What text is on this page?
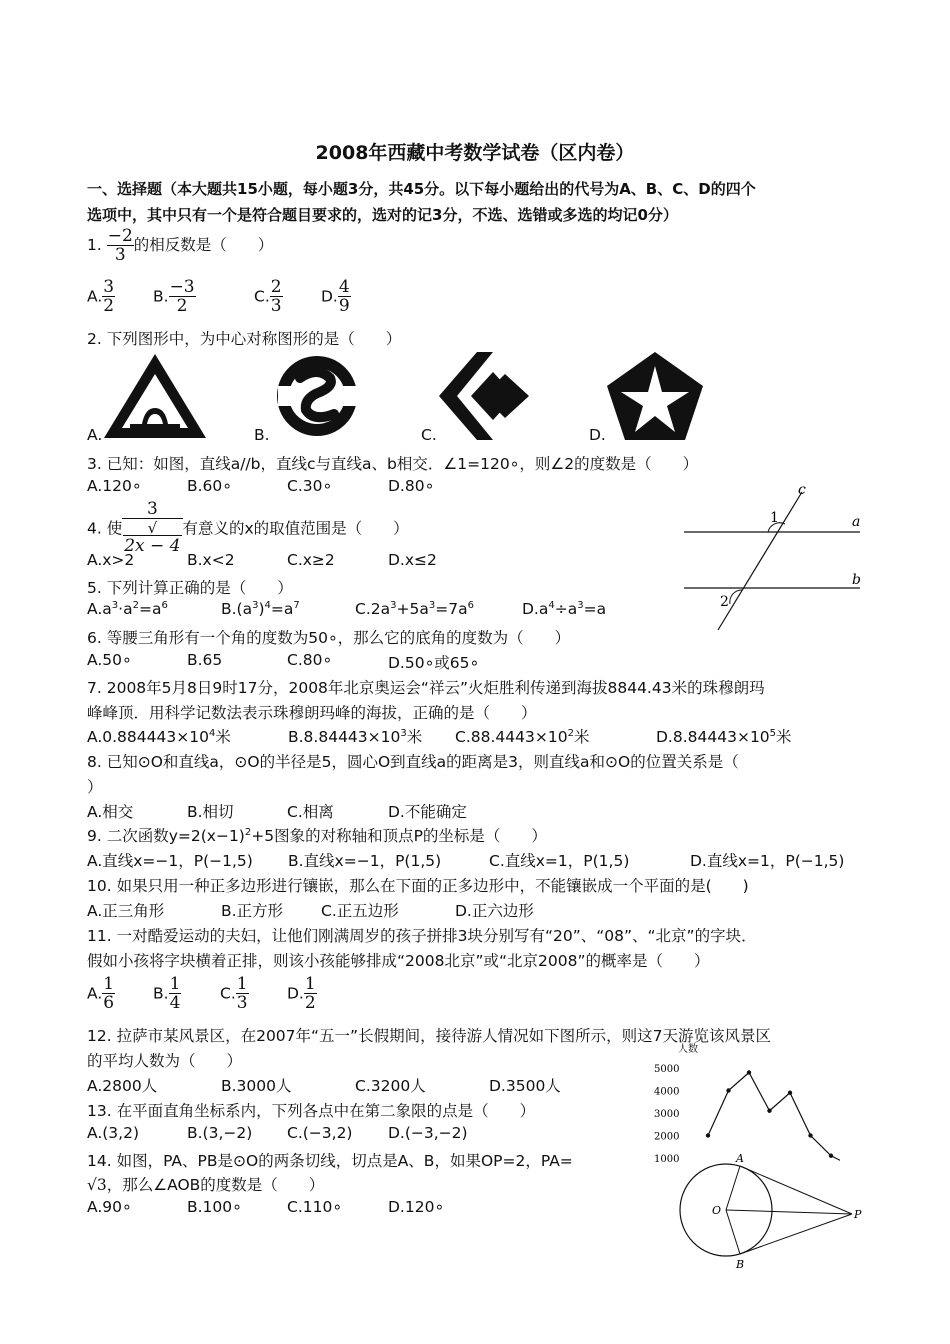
2008年西藏中考数学试卷（区内卷）
一、选择题（本大题共15小题，每小题3分，共45分。以下每小题给出的代号为A、B、C、D的四个
选项中，其中只有一个是符合题目要求的，选对的记3分，不选、选错或多选的均记0分）
1. $\frac{-2}{3}$ 的相反数是（　　）
A. $\frac{3}{2} B$. $\frac{-3}{2}$	C. $\frac{2}{3} D$. $\frac{4}{9}$
2. 下列图形中，为中心对称图形的是（　　）
A.	B.	C.	D.
3. 已知：如图，直线a//b，直线c与直线a、b相交．∠1=120∘，则∠2的度数是（　　）
A.120∘	B.60∘	C.30∘	D.80∘	c
a
b
1
2
4. 使 3
√
2x − 4 有意义的x的取值范围是（　　）
A.x>2	B.x<2	C.x≥2	D.x≤2
5. 下列计算正确的是（　　）
$A.a^3\cdot a^2=a^6$	$B.(a^3)^4=a^7$	$C.2a^3+5a^3=7a^6$	$D.a^4\div a^3=a$
6. 等腰三角形有一个角的度数为50∘，那么它的底角的度数为（　　）
A.50∘	B.65	C.80∘	D.50∘或65∘
7. 2008年5月8日9时17分，2008年北京奥运会“祥云”火炬胜利传递到海拔8844.43米的珠穆朗玛
峰峰顶．用科学记数法表示珠穆朗玛峰的海拔，正确的是（　　）
$A.0.884443\times 10^4$米	$B.8.84443\times 10^3$米 $C.88.4443\times 10^2$米	$D.8.84443\times 10^5$米
8. 已知⊙O和直线a，⊙O的半径是5，圆心O到直线a的距离是3，则直线a和⊙O的位置关系是（
）
A.相交	B.相切	C.相离	D.不能确定
9. 二次函数$y=2(x-1)^2+5$图象的对称轴和顶点P的坐标是（　　）
A.直线x=−1，P(−1,5) B.直线x=−1，P(1,5)	C.直线x=1，P(1,5)	D.直线x=1，P(−1,5)
10. 如果只用一种正多边形进行镶嵌，那么在下面的正多边形中，不能镶嵌成一个平面的是(　　)
A.正三角形	B.正方形 C.正五边形	D.正六边形
11. 一对酷爱运动的夫妇，让他们刚满周岁的孩子拼排3块分别写有“20”、“08”、“北京”的字块．
假如小孩将字块横着正排，则该小孩能够排成“2008北京”或“北京2008”的概率是（　　）
A. $\frac{1}{6} B$. $\frac{1}{4} C$. $\frac{1}{3} D$. $\frac{1}{2}$
12. 拉萨市某风景区，在2007年“五一”长假期间，接待游人情况如下图所示，则这7天游览该风景区
的平均人数为（　　）
A.2800人	B.3000人	C.3200人	D.3500人
人数
5000
4000
3000
2000
1000
13. 在平面直角坐标系内，下列各点中在第二象限的点是（　　）
A.(3,2)	B.(3,−2) C.(−3,2) D.(−3,−2)
14. 如图，PA、PB是⊙O的两条切线，切点是A、B，如果OP=2，PA=
√3，那么∠AOB的度数是（　　）
A.90∘	B.100∘	C.110∘	D.120∘
A
B
O	P
